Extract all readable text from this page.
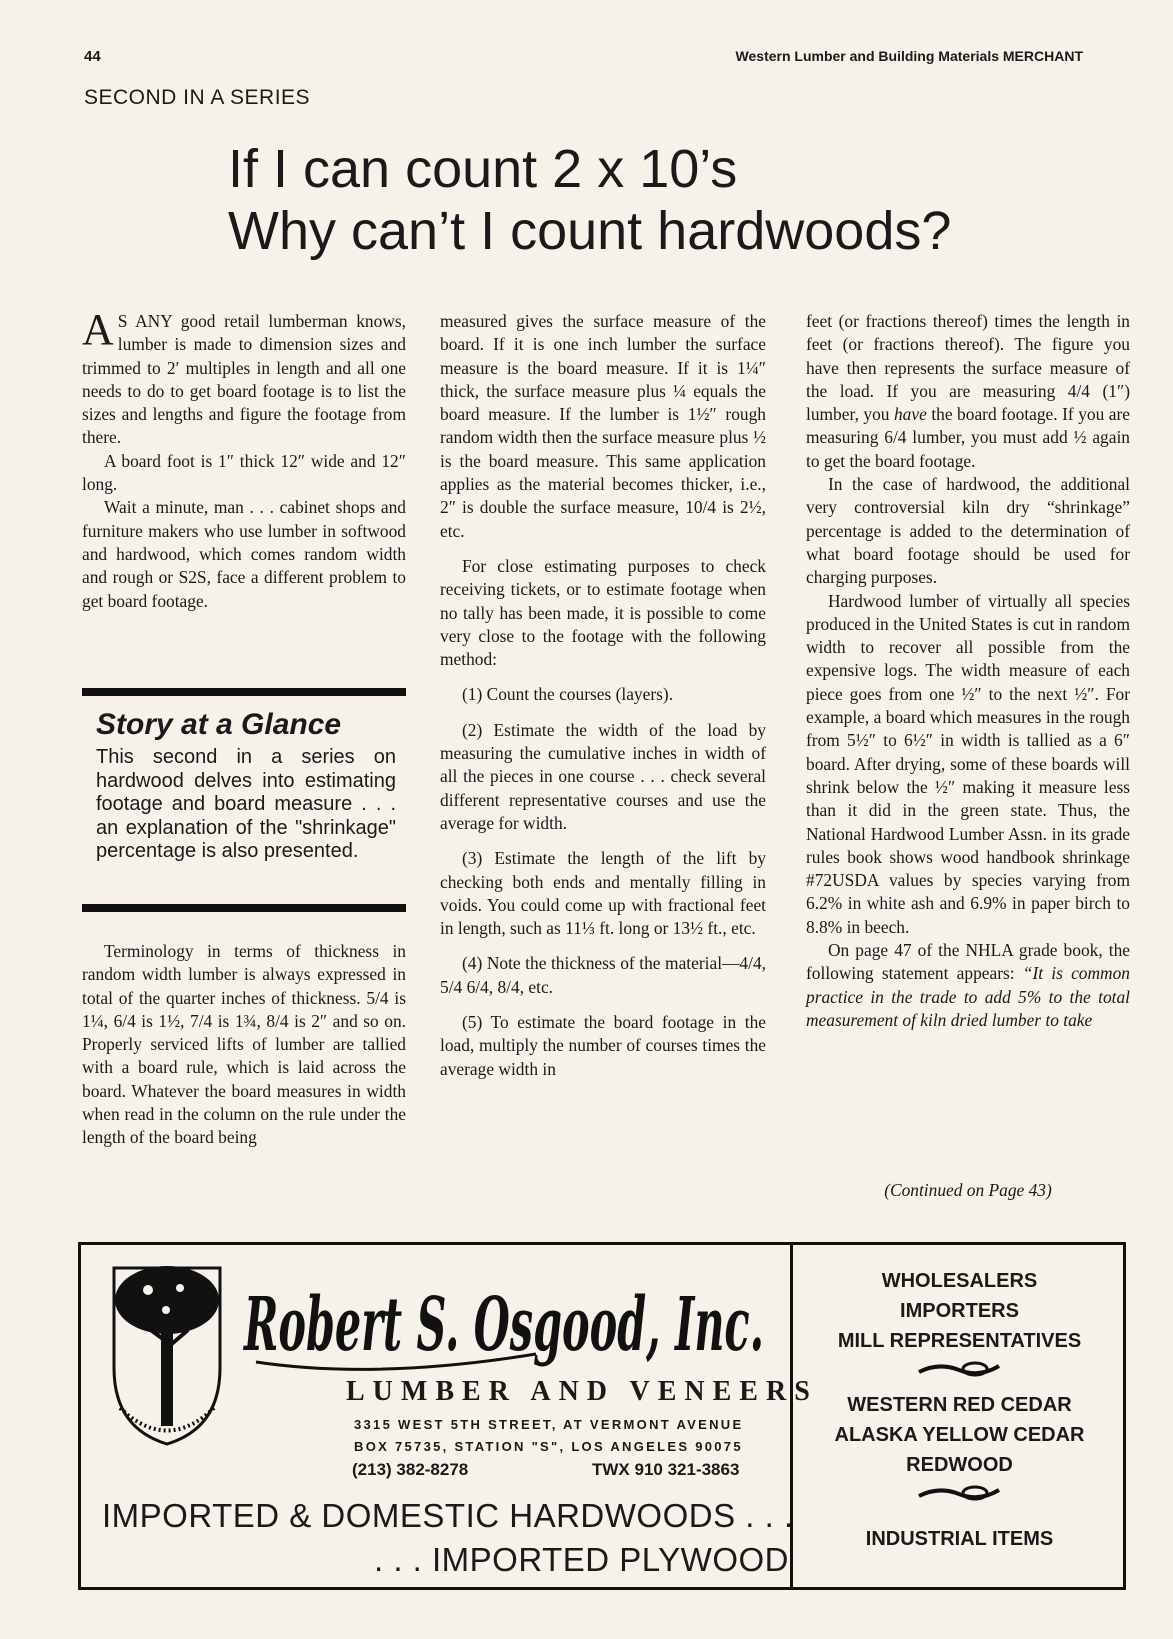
44	Western Lumber and Building Materials MERCHANT
SECOND IN A SERIES
If I can count 2 x 10’s
Why can’t I count hardwoods?

A S ANY good retail lumberman knows, lumber is made to dimension sizes and trimmed to 2′ multiples in length and all one needs to do to get board footage is to list the sizes and lengths and figure the footage from there.

A board foot is 1″ thick 12″ wide and 12″ long.

Wait a minute, man . . . cabinet shops and furniture makers who use lumber in softwood and hardwood, which comes random width and rough or S2S, face a different problem to get board footage.

Story at a Glance
This second in a series on hardwood delves into estimating footage and board measure . . . an explanation of the "shrinkage" percentage is also presented.

Terminology in terms of thickness in random width lumber is always expressed in total of the quarter inches of thickness. 5/4 is 1¼, 6/4 is 1½, 7/4 is 1¾, 8/4 is 2″ and so on. Properly serviced lifts of lumber are tallied with a board rule, which is laid across the board. Whatever the board measures in width when read in the column on the rule under the length of the board being

measured gives the surface measure of the board. If it is one inch lumber the surface measure is the board measure. If it is 1¼″ thick, the surface measure plus ¼ equals the board measure. If the lumber is 1½″ rough random width then the surface measure plus ½ is the board measure. This same application applies as the material becomes thicker, i.e., 2″ is double the surface measure, 10/4 is 2½, etc.

For close estimating purposes to check receiving tickets, or to estimate footage when no tally has been made, it is possible to come very close to the footage with the following method:

(1) Count the courses (layers).

(2) Estimate the width of the load by measuring the cumulative inches in width of all the pieces in one course . . . check several different representative courses and use the average for width.

(3) Estimate the length of the lift by checking both ends and mentally filling in voids. You could come up with fractional feet in length, such as 11⅓ ft. long or 13½ ft., etc.

(4) Note the thickness of the material—4/4, 5/4 6/4, 8/4, etc.

(5) To estimate the board footage in the load, multiply the number of courses times the average width in

feet (or fractions thereof) times the length in feet (or fractions thereof). The figure you have then represents the surface measure of the load. If you are measuring 4/4 (1″) lumber, you have the board footage. If you are measuring 6/4 lumber, you must add ½ again to get the board footage.

In the case of hardwood, the additional very controversial kiln dry “shrinkage” percentage is added to the determination of what board footage should be used for charging purposes.

Hardwood lumber of virtually all species produced in the United States is cut in random width to recover all possible from the expensive logs. The width measure of each piece goes from one ½″ to the next ½″. For example, a board which measures in the rough from 5½″ to 6½″ in width is tallied as a 6″ board. After drying, some of these boards will shrink below the ½″ making it measure less than it did in the green state. Thus, the National Hardwood Lumber Assn. in its grade rules book shows wood handbook shrinkage #72USDA values by species varying from 6.2% in white ash and 6.9% in paper birch to 8.8% in beech.

On page 47 of the NHLA grade book, the following statement appears: “It is common practice in the trade to add 5% to the total measurement of kiln dried lumber to take

(Continued on Page 43)
Robert S. Osgood, Inc.
LUMBER AND VENEERS
3315 WEST 5TH STREET, AT VERMONT AVENUE
BOX 75735, STATION "S", LOS ANGELES 90075
(213) 382-8278	TWX 910 321-3863
IMPORTED & DOMESTIC HARDWOODS . . .
. . . IMPORTED PLYWOOD
WHOLESALERS
IMPORTERS
MILL REPRESENTATIVES
WESTERN RED CEDAR
ALASKA YELLOW CEDAR
REDWOOD
INDUSTRIAL ITEMS
